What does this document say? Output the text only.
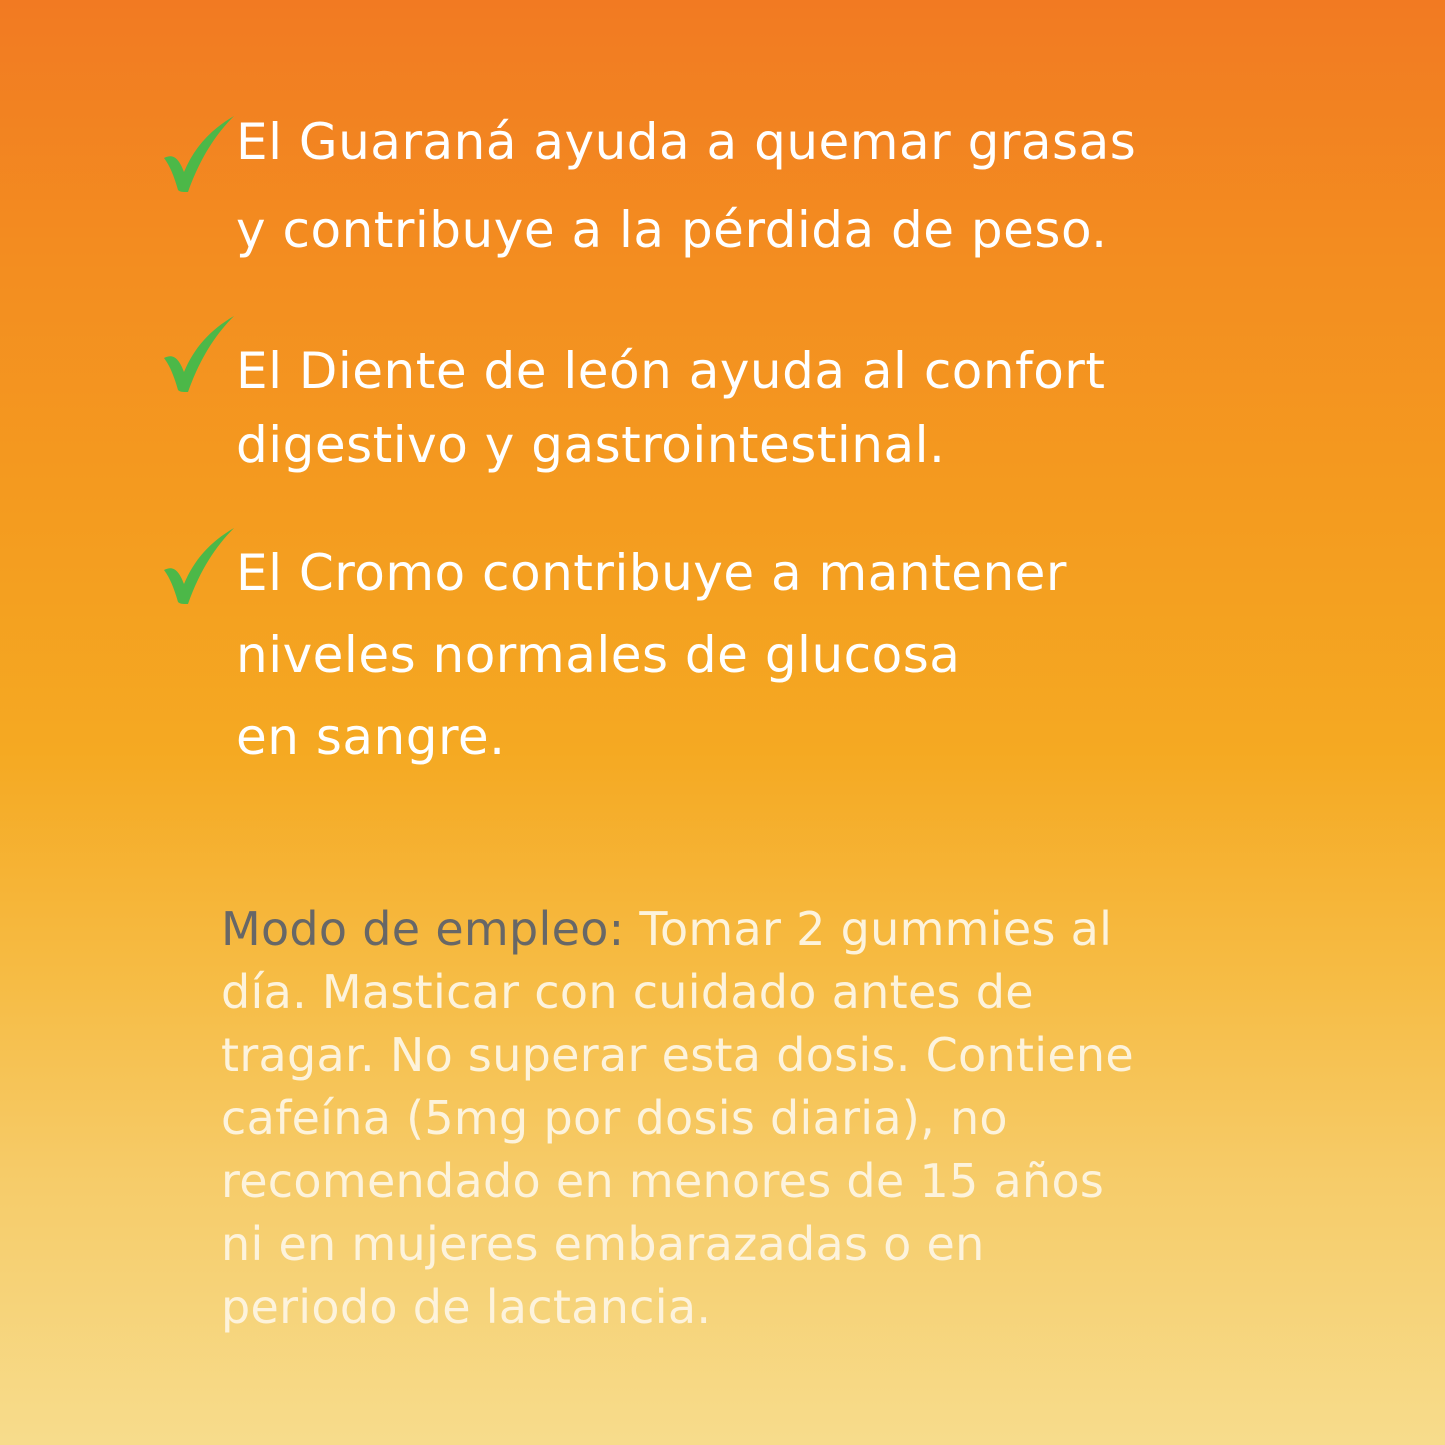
El Guaraná ayuda a quemar grasas
y contribuye a la pérdida de peso.

El Diente de león ayuda al confort
digestivo y gastrointestinal.

El Cromo contribuye a mantener
niveles normales de glucosa
en sangre.

Modo de empleo: Tomar 2 gummies al
día. Masticar con cuidado antes de
tragar. No superar esta dosis. Contiene
cafeína (5mg por dosis diaria), no
recomendado en menores de 15 años
ni en mujeres embarazadas o en
periodo de lactancia.
